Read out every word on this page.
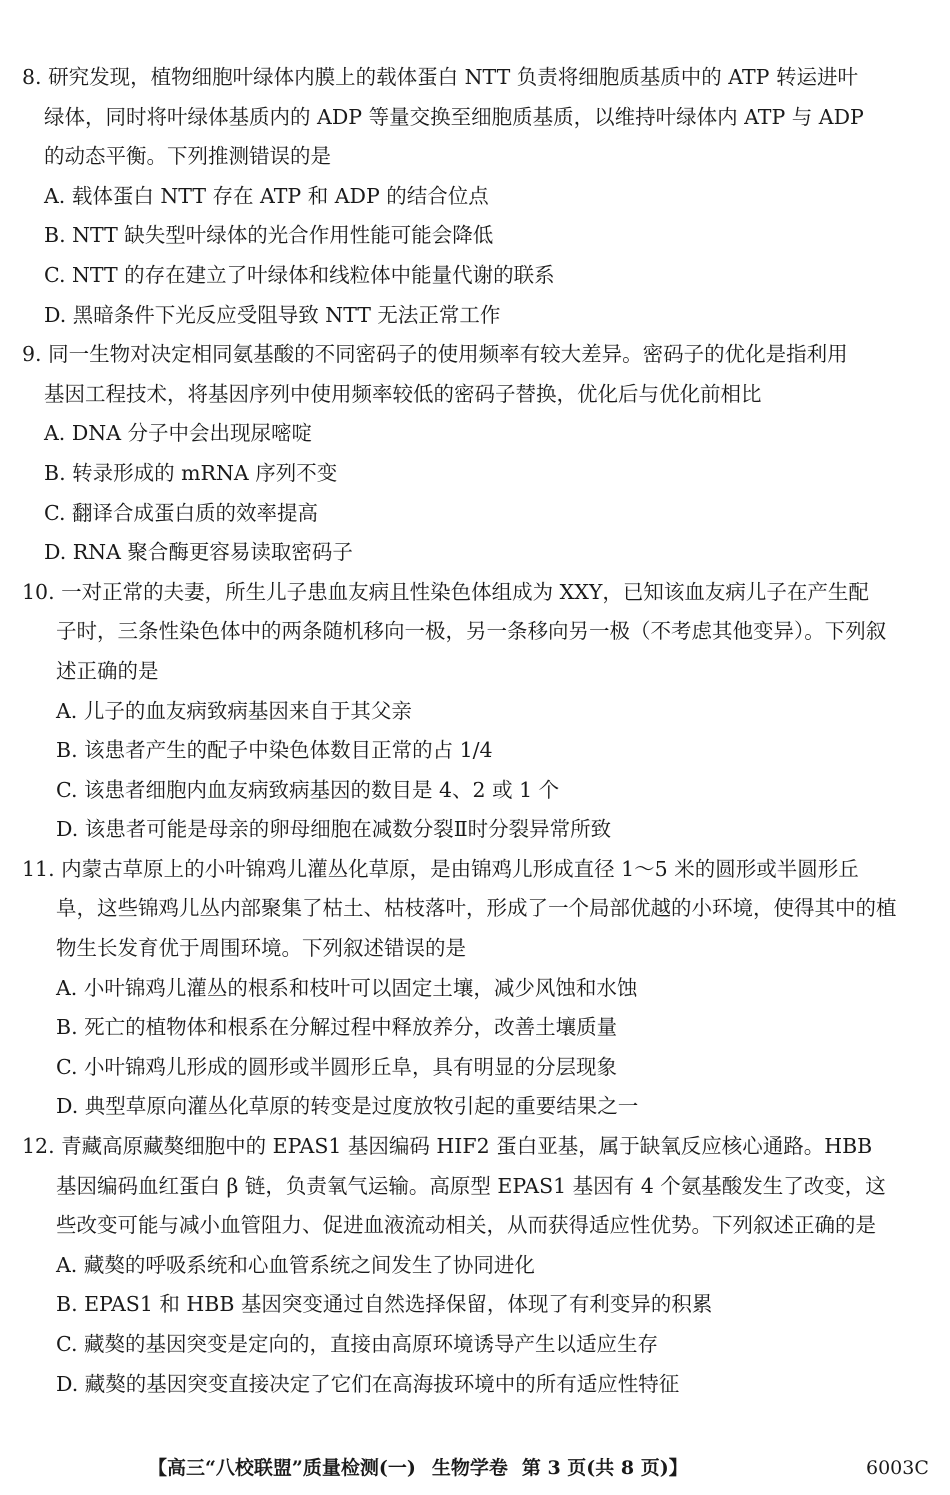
8. 研究发现，植物细胞叶绿体内膜上的载体蛋白 NTT 负责将细胞质基质中的 ATP 转运进叶
绿体，同时将叶绿体基质内的 ADP 等量交换至细胞质基质，以维持叶绿体内 ATP 与 ADP
的动态平衡。下列推测错误的是
A. 载体蛋白 NTT 存在 ATP 和 ADP 的结合位点
B. NTT 缺失型叶绿体的光合作用性能可能会降低
C. NTT 的存在建立了叶绿体和线粒体中能量代谢的联系
D. 黑暗条件下光反应受阻导致 NTT 无法正常工作
9. 同一生物对决定相同氨基酸的不同密码子的使用频率有较大差异。密码子的优化是指利用
基因工程技术，将基因序列中使用频率较低的密码子替换，优化后与优化前相比
A. DNA 分子中会出现尿嘧啶
B. 转录形成的 mRNA 序列不变
C. 翻译合成蛋白质的效率提高
D. RNA 聚合酶更容易读取密码子
10. 一对正常的夫妻，所生儿子患血友病且性染色体组成为 XXY，已知该血友病儿子在产生配
子时，三条性染色体中的两条随机移向一极，另一条移向另一极（不考虑其他变异）。下列叙
述正确的是
A. 儿子的血友病致病基因来自于其父亲
B. 该患者产生的配子中染色体数目正常的占 1/4
C. 该患者细胞内血友病致病基因的数目是 4、2 或 1 个
D. 该患者可能是母亲的卵母细胞在减数分裂Ⅱ时分裂异常所致
11. 内蒙古草原上的小叶锦鸡儿灌丛化草原，是由锦鸡儿形成直径 1～5 米的圆形或半圆形丘
阜，这些锦鸡儿丛内部聚集了枯土、枯枝落叶，形成了一个局部优越的小环境，使得其中的植
物生长发育优于周围环境。下列叙述错误的是
A. 小叶锦鸡儿灌丛的根系和枝叶可以固定土壤，减少风蚀和水蚀
B. 死亡的植物体和根系在分解过程中释放养分，改善土壤质量
C. 小叶锦鸡儿形成的圆形或半圆形丘阜，具有明显的分层现象
D. 典型草原向灌丛化草原的转变是过度放牧引起的重要结果之一
12. 青藏高原藏獒细胞中的 EPAS1 基因编码 HIF2 蛋白亚基，属于缺氧反应核心通路。HBB
基因编码血红蛋白 β 链，负责氧气运输。高原型 EPAS1 基因有 4 个氨基酸发生了改变，这
些改变可能与减小血管阻力、促进血液流动相关，从而获得适应性优势。下列叙述正确的是
A. 藏獒的呼吸系统和心血管系统之间发生了协同进化
B. EPAS1 和 HBB 基因突变通过自然选择保留，体现了有利变异的积累
C. 藏獒的基因突变是定向的，直接由高原环境诱导产生以适应生存
D. 藏獒的基因突变直接决定了它们在高海拔环境中的所有适应性特征
【高三“八校联盟”质量检测(一) 生物学卷 第 3 页(共 8 页)】	6003C
